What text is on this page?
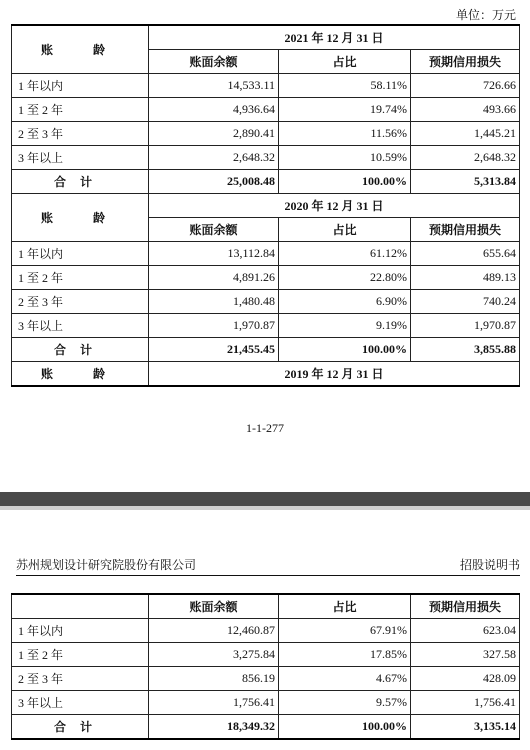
单位：万元
账　龄	2021 年 12 月 31 日		
	账面余额	占比	预期信用损失
1 年以内	14,533.11	58.11%	726.66
1 至 2 年	4,936.64	19.74%	493.66
2 至 3 年	2,890.41	11.56%	1,445.21
3 年以上	2,648.32	10.59%	2,648.32
合计	25,008.48	100.00%	5,313.84
账　龄	2020 年 12 月 31 日		
	账面余额	占比	预期信用损失
1 年以内	13,112.84	61.12%	655.64
1 至 2 年	4,891.26	22.80%	489.13
2 至 3 年	1,480.48	6.90%	740.24
3 年以上	1,970.87	9.19%	1,970.87
合计	21,455.45	100.00%	3,855.88
账　龄	2019 年 12 月 31 日		
1-1-277
苏州规划设计研究院股份有限公司	招股说明书
	账面余额	占比	预期信用损失
1 年以内	12,460.87	67.91%	623.04
1 至 2 年	3,275.84	17.85%	327.58
2 至 3 年	856.19	4.67%	428.09
3 年以上	1,756.41	9.57%	1,756.41
合计	18,349.32	100.00%	3,135.14
